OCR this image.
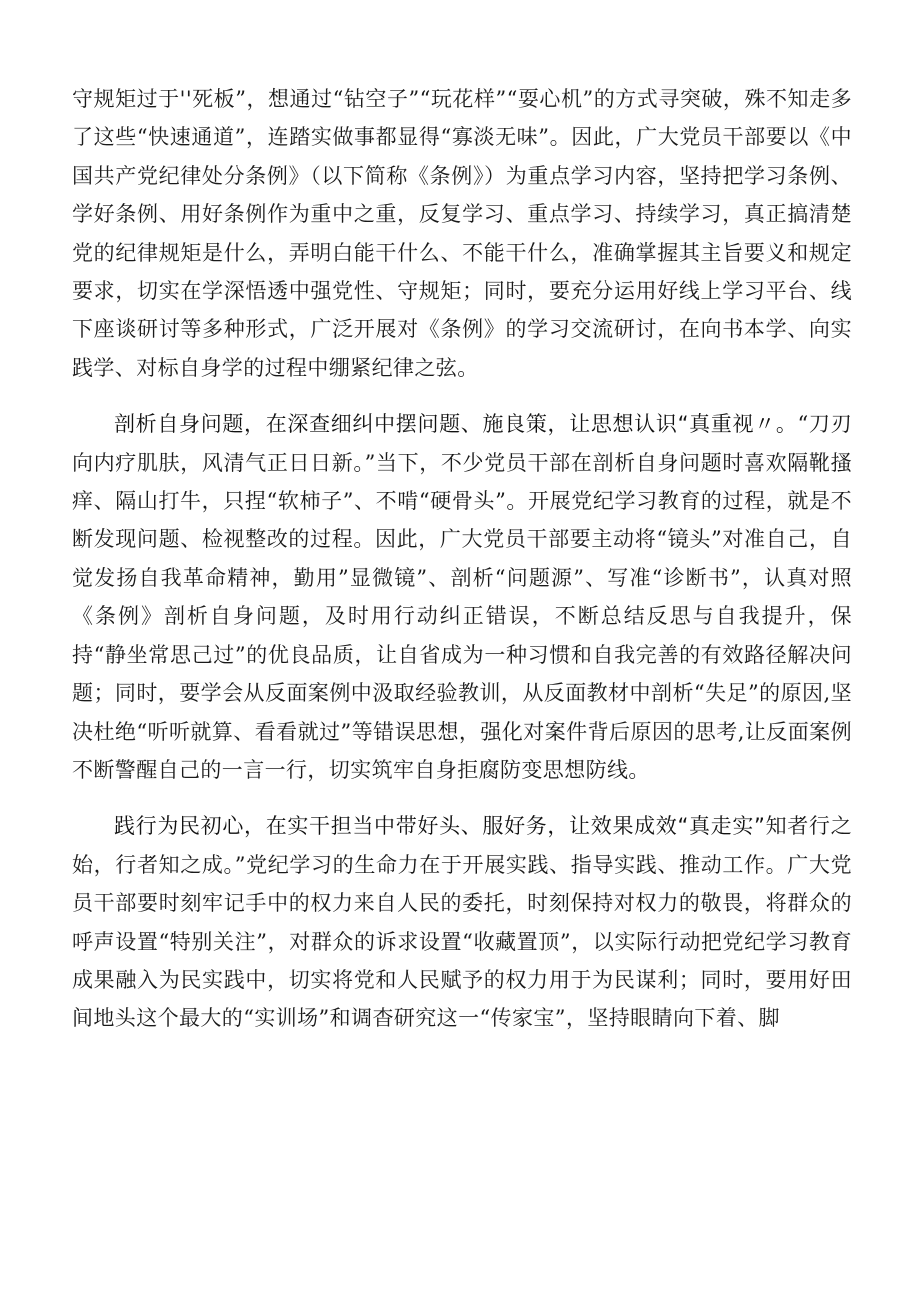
守规矩过于''死板”，想通过“钻空子”“玩花样”“耍心机”的方式寻突破，殊不知走多了这些“快速通道”，连踏实做事都显得“寡淡无味”。因此，广大党员干部要以《中国共产党纪律处分条例》（以下简称《条例》）为重点学习内容，坚持把学习条例、学好条例、用好条例作为重中之重，反复学习、重点学习、持续学习，真正搞清楚党的纪律规矩是什么，弄明白能干什么、不能干什么，准确掌握其主旨要义和规定要求，切实在学深悟透中强党性、守规矩；同时，要充分运用好线上学习平台、线下座谈研讨等多种形式，广泛开展对《条例》的学习交流研讨，在向书本学、向实践学、对标自身学的过程中绷紧纪律之弦。

剖析自身问题，在深查细纠中摆问题、施良策，让思想认识“真重视〃。“刀刃向内疗肌肤，风清气正日日新。”当下，不少党员干部在剖析自身问题时喜欢隔靴搔痒、隔山打牛，只捏“软柿子”、不啃“硬骨头”。开展党纪学习教育的过程，就是不断发现问题、检视整改的过程。因此，广大党员干部要主动将“镜头”对准自己，自觉发扬自我革命精神，勤用”显微镜”、剖析“问题源”、写准“诊断书”，认真对照《条例》剖析自身问题，及时用行动纠正错误，不断总结反思与自我提升，保持“静坐常思己过”的优良品质，让自省成为一种习惯和自我完善的有效路径解决问题；同时，要学会从反面案例中汲取经验教训，从反面教材中剖析“失足”的原因,坚决杜绝“听听就算、看看就过”等错误思想，强化对案件背后原因的思考,让反面案例不断警醒自己的一言一行，切实筑牢自身拒腐防变思想防线。

践行为民初心，在实干担当中带好头、服好务，让效果成效“真走实”知者行之始，行者知之成。”党纪学习的生命力在于开展实践、指导实践、推动工作。广大党员干部要时刻牢记手中的权力来自人民的委托，时刻保持对权力的敬畏，将群众的呼声设置“特别关注”，对群众的诉求设置“收藏置顶”，以实际行动把党纪学习教育成果融入为民实践中，切实将党和人民赋予的权力用于为民谋利；同时，要用好田间地头这个最大的“实训场”和调杳研究这一“传家宝”，坚持眼睛向下着、脚
